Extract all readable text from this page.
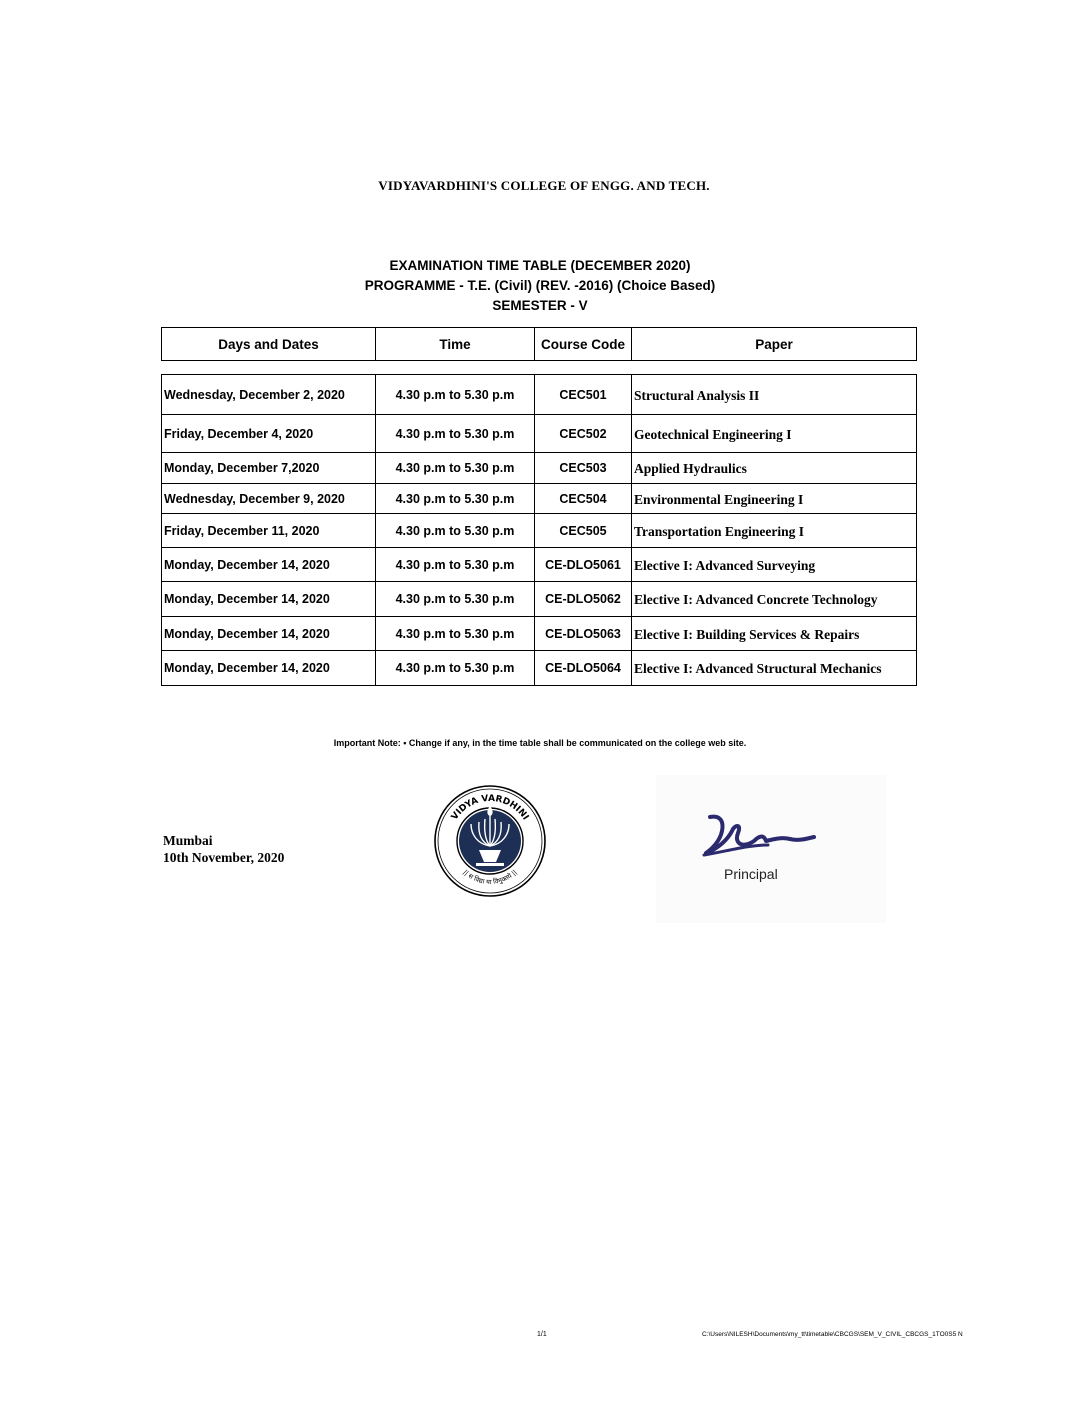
VIDYAVARDHINI'S COLLEGE OF ENGG. AND TECH.
EXAMINATION TIME TABLE (DECEMBER 2020)
PROGRAMME - T.E. (Civil) (REV. -2016) (Choice Based)
SEMESTER - V
Days and Dates	Time	Course Code	Paper
Wednesday, December 2, 2020	4.30 p.m to 5.30 p.m	CEC501	Structural Analysis II
Friday, December 4, 2020	4.30 p.m to 5.30 p.m	CEC502	Geotechnical Engineering I
Monday, December 7,2020	4.30 p.m to 5.30 p.m	CEC503	Applied Hydraulics
Wednesday, December 9, 2020	4.30 p.m to 5.30 p.m	CEC504	Environmental Engineering I
Friday, December 11, 2020	4.30 p.m to 5.30 p.m	CEC505	Transportation Engineering I
Monday, December 14, 2020	4.30 p.m to 5.30 p.m	CE-DLO5061	Elective I: Advanced Surveying
Monday, December 14, 2020	4.30 p.m to 5.30 p.m	CE-DLO5062	Elective I: Advanced Concrete Technology
Monday, December 14, 2020	4.30 p.m to 5.30 p.m	CE-DLO5063	Elective I: Building Services & Repairs
Monday, December 14, 2020	4.30 p.m to 5.30 p.m	CE-DLO5064	Elective I: Advanced Structural Mechanics
Important Note: • Change if any, in the time table shall be communicated on the college web site.
Mumbai
10th November, 2020
VIDYA VARDHINI
|| स विद्या या विमुक्तये ||	Principal
1/1	C:\Users\NILESH\Documents\my_tt\timetable\CBCGS\SEM_V_CIVIL_CBCGS_1TO0S5 N
